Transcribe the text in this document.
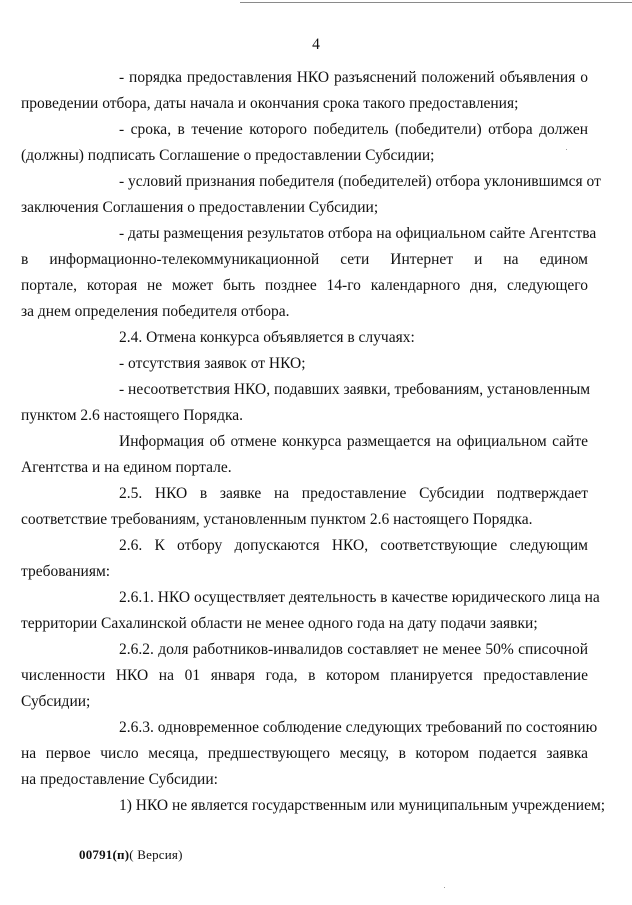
4
- порядка предоставления НКО разъяснений положений объявления о
проведении отбора, даты начала и окончания срока такого предоставления;
- срока, в течение которого победитель (победители) отбора должен
(должны) подписать Соглашение о предоставлении Субсидии;
- условий признания победителя (победителей) отбора уклонившимся от
заключения Соглашения о предоставлении Субсидии;
- даты размещения результатов отбора на официальном сайте Агентства
в информационно-телекоммуникационной сети Интернет и на едином
портале, которая не может быть позднее 14-го календарного дня, следующего
за днем определения победителя отбора.
2.4. Отмена конкурса объявляется в случаях:
- отсутствия заявок от НКО;
- несоответствия НКО, подавших заявки, требованиям, установленным
пунктом 2.6 настоящего Порядка.
Информация об отмене конкурса размещается на официальном сайте
Агентства и на едином портале.
2.5. НКО в заявке на предоставление Субсидии подтверждает
соответствие требованиям, установленным пунктом 2.6 настоящего Порядка.
2.6. К отбору допускаются НКО, соответствующие следующим
требованиям:
2.6.1. НКО осуществляет деятельность в качестве юридического лица на
территории Сахалинской области не менее одного года на дату подачи заявки;
2.6.2. доля работников-инвалидов составляет не менее 50% списочной
численности НКО на 01 января года, в котором планируется предоставление
Субсидии;
2.6.3. одновременное соблюдение следующих требований по состоянию
на первое число месяца, предшествующего месяцу, в котором подается заявка
на предоставление Субсидии:
1) НКО не является государственным или муниципальным учреждением;
00791(п)( Версия)
